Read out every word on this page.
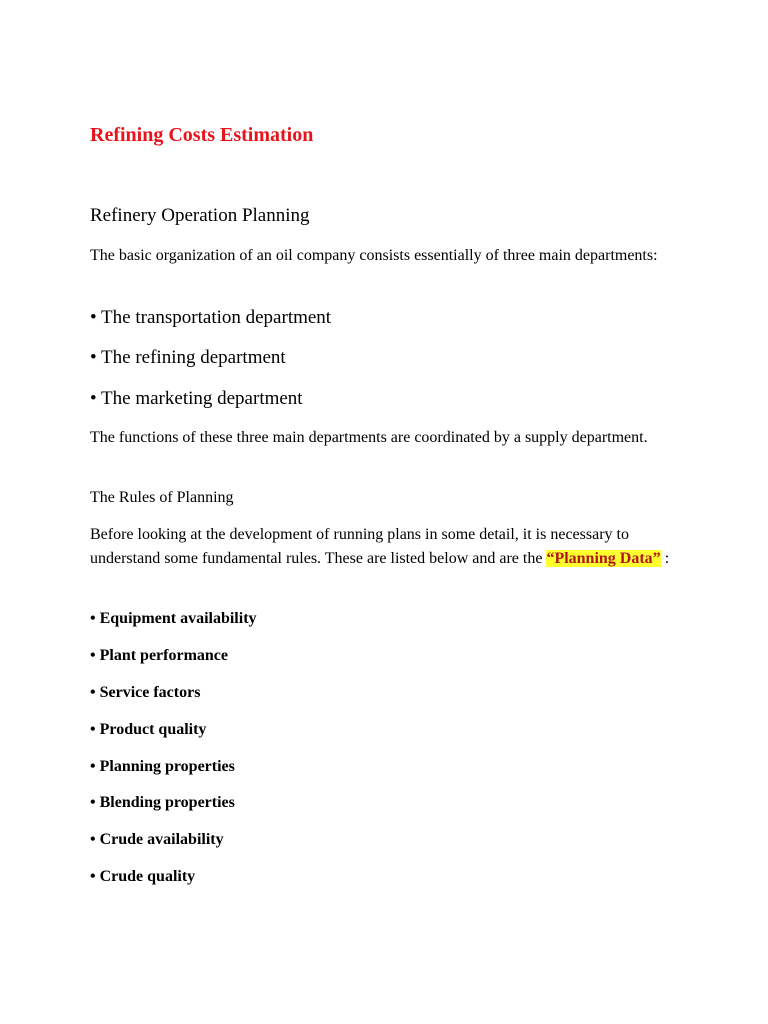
Refining Costs Estimation
Refinery Operation Planning
The basic organization of an oil company consists essentially of three main departments:
• The transportation department
• The refining department
• The marketing department
The functions of these three main departments are coordinated by a supply department.
The Rules of Planning
Before looking at the development of running plans in some detail, it is necessary to understand some fundamental rules. These are listed below and are the “Planning Data” :
• Equipment availability
• Plant performance
• Service factors
• Product quality
• Planning properties
• Blending properties
• Crude availability
• Crude quality
